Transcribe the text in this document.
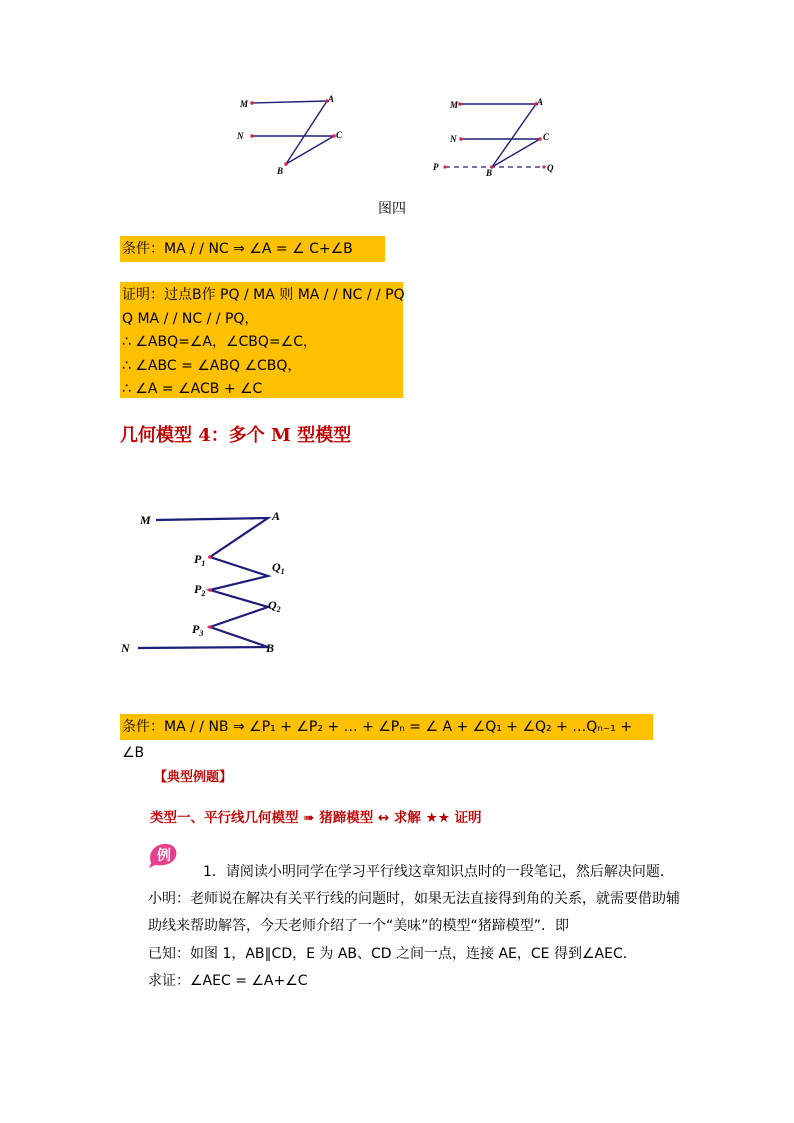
M	A
N	C
B
M	A
N	C
P
B	Q
图四
条件：MA / / NC ⇒ ∠A = ∠ C+∠B
证明：过点B作 PQ / MA 则 MA / / NC / / PQ
Q MA / / NC / / PQ，
∴ ∠ABQ=∠A，∠CBQ=∠C，
∴ ∠ABC = ∠ABQ ∠CBQ，
∴ ∠A = ∠ACB + ∠C
几何模型 4：多个 M 型模型
M	A
$P_1$	$Q_1$
$P_2$
$Q_2$
$P_3$
N	B
条件：MA / / NB ⇒ ∠P₁ + ∠P₂ + … + ∠Pₙ = ∠ A + ∠Q₁ + ∠Q₂ + …Qₙ₋₁ + ∠B
【典型例题】
类型一、平行线几何模型 ➠ 猪蹄模型 ↔ 求解 ★★ 证明
例
1．请阅读小明同学在学习平行线这章知识点时的一段笔记，然后解决问题．
小明：老师说在解决有关平行线的问题时，如果无法直接得到角的关系，就需要借助辅
助线来帮助解答，今天老师介绍了一个“美味”的模型“猪蹄模型”．即
已知：如图 1，AB∥CD，E 为 AB、CD 之间一点，连接 AE，CE 得到∠AEC．
求证：∠AEC = ∠A+∠C
